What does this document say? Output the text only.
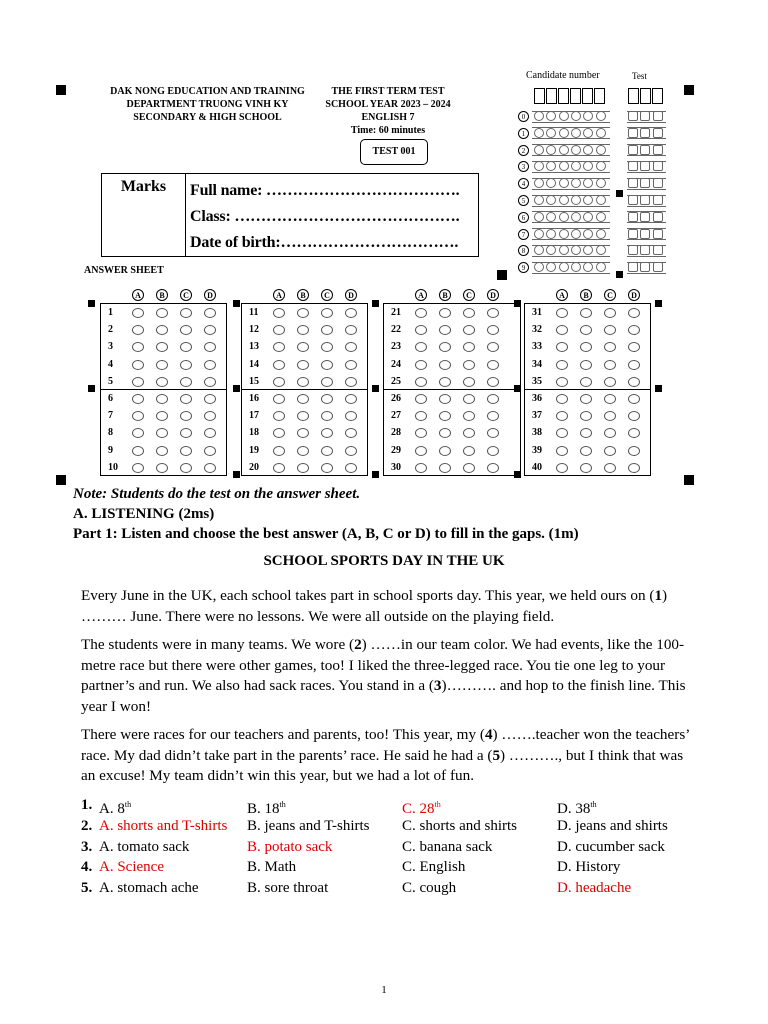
DAK NONG EDUCATION AND TRAINING
DEPARTMENT TRUONG VINH KY
SECONDARY & HIGH SCHOOL
THE FIRST TERM TEST
SCHOOL YEAR 2023 – 2024
ENGLISH 7
Time: 60 minutes
TEST 001
Candidate number	Test
0
1
2
3
4
5
6
7
8
9
Marks	Full name: ……………………………….
Class: …………………………………….
Date of birth:…………………………….
ANSWER SHEET
A	B	C	D
1
2
3
4
5
6
7
8
9
10
A	B	C	D
11
12
13
14
15
16
17
18
19
20
A	B	C	D
21
22
23
24
25
26
27
28
29
30
A	B	C	D
31
32
33
34
35
36
37
38
39
40
Note: Students do the test on the answer sheet.
A. LISTENING (2ms)
Part 1: Listen and choose the best answer (A, B, C or D) to fill in the gaps. (1m)
SCHOOL SPORTS DAY IN THE UK
Every June in the UK, each school takes part in school sports day. This year, we held ours on (1) ……… June. There were no lessons. We were all outside on the playing field.
The students were in many teams. We wore (2) ……in our team color. We had events, like the 100-metre race but there were other games, too! I liked the three-legged race. You tie one leg to your partner’s and run. We also had sack races. You stand in a (3)………. and hop to the finish line. This year I won!
There were races for our teachers and parents, too! This year, my (4) …….teacher won the teachers’ race. My dad didn’t take part in the parents’ race. He said he had a (5) ………., but I think that was an excuse! My team didn’t win this year, but we had a lot of fun.
1. A. 8th	B. 18th	C. 28th	D. 38th
2. A. shorts and T-shirts B. jeans and T-shirts C. shorts and shirts	D. jeans and shirts
3. A. tomato sack	B. potato sack	C. banana sack	D. cucumber sack
4. A. Science	B. Math	C. English	D. History
5. A. stomach ache	B. sore throat	C. cough	D. headache
1
